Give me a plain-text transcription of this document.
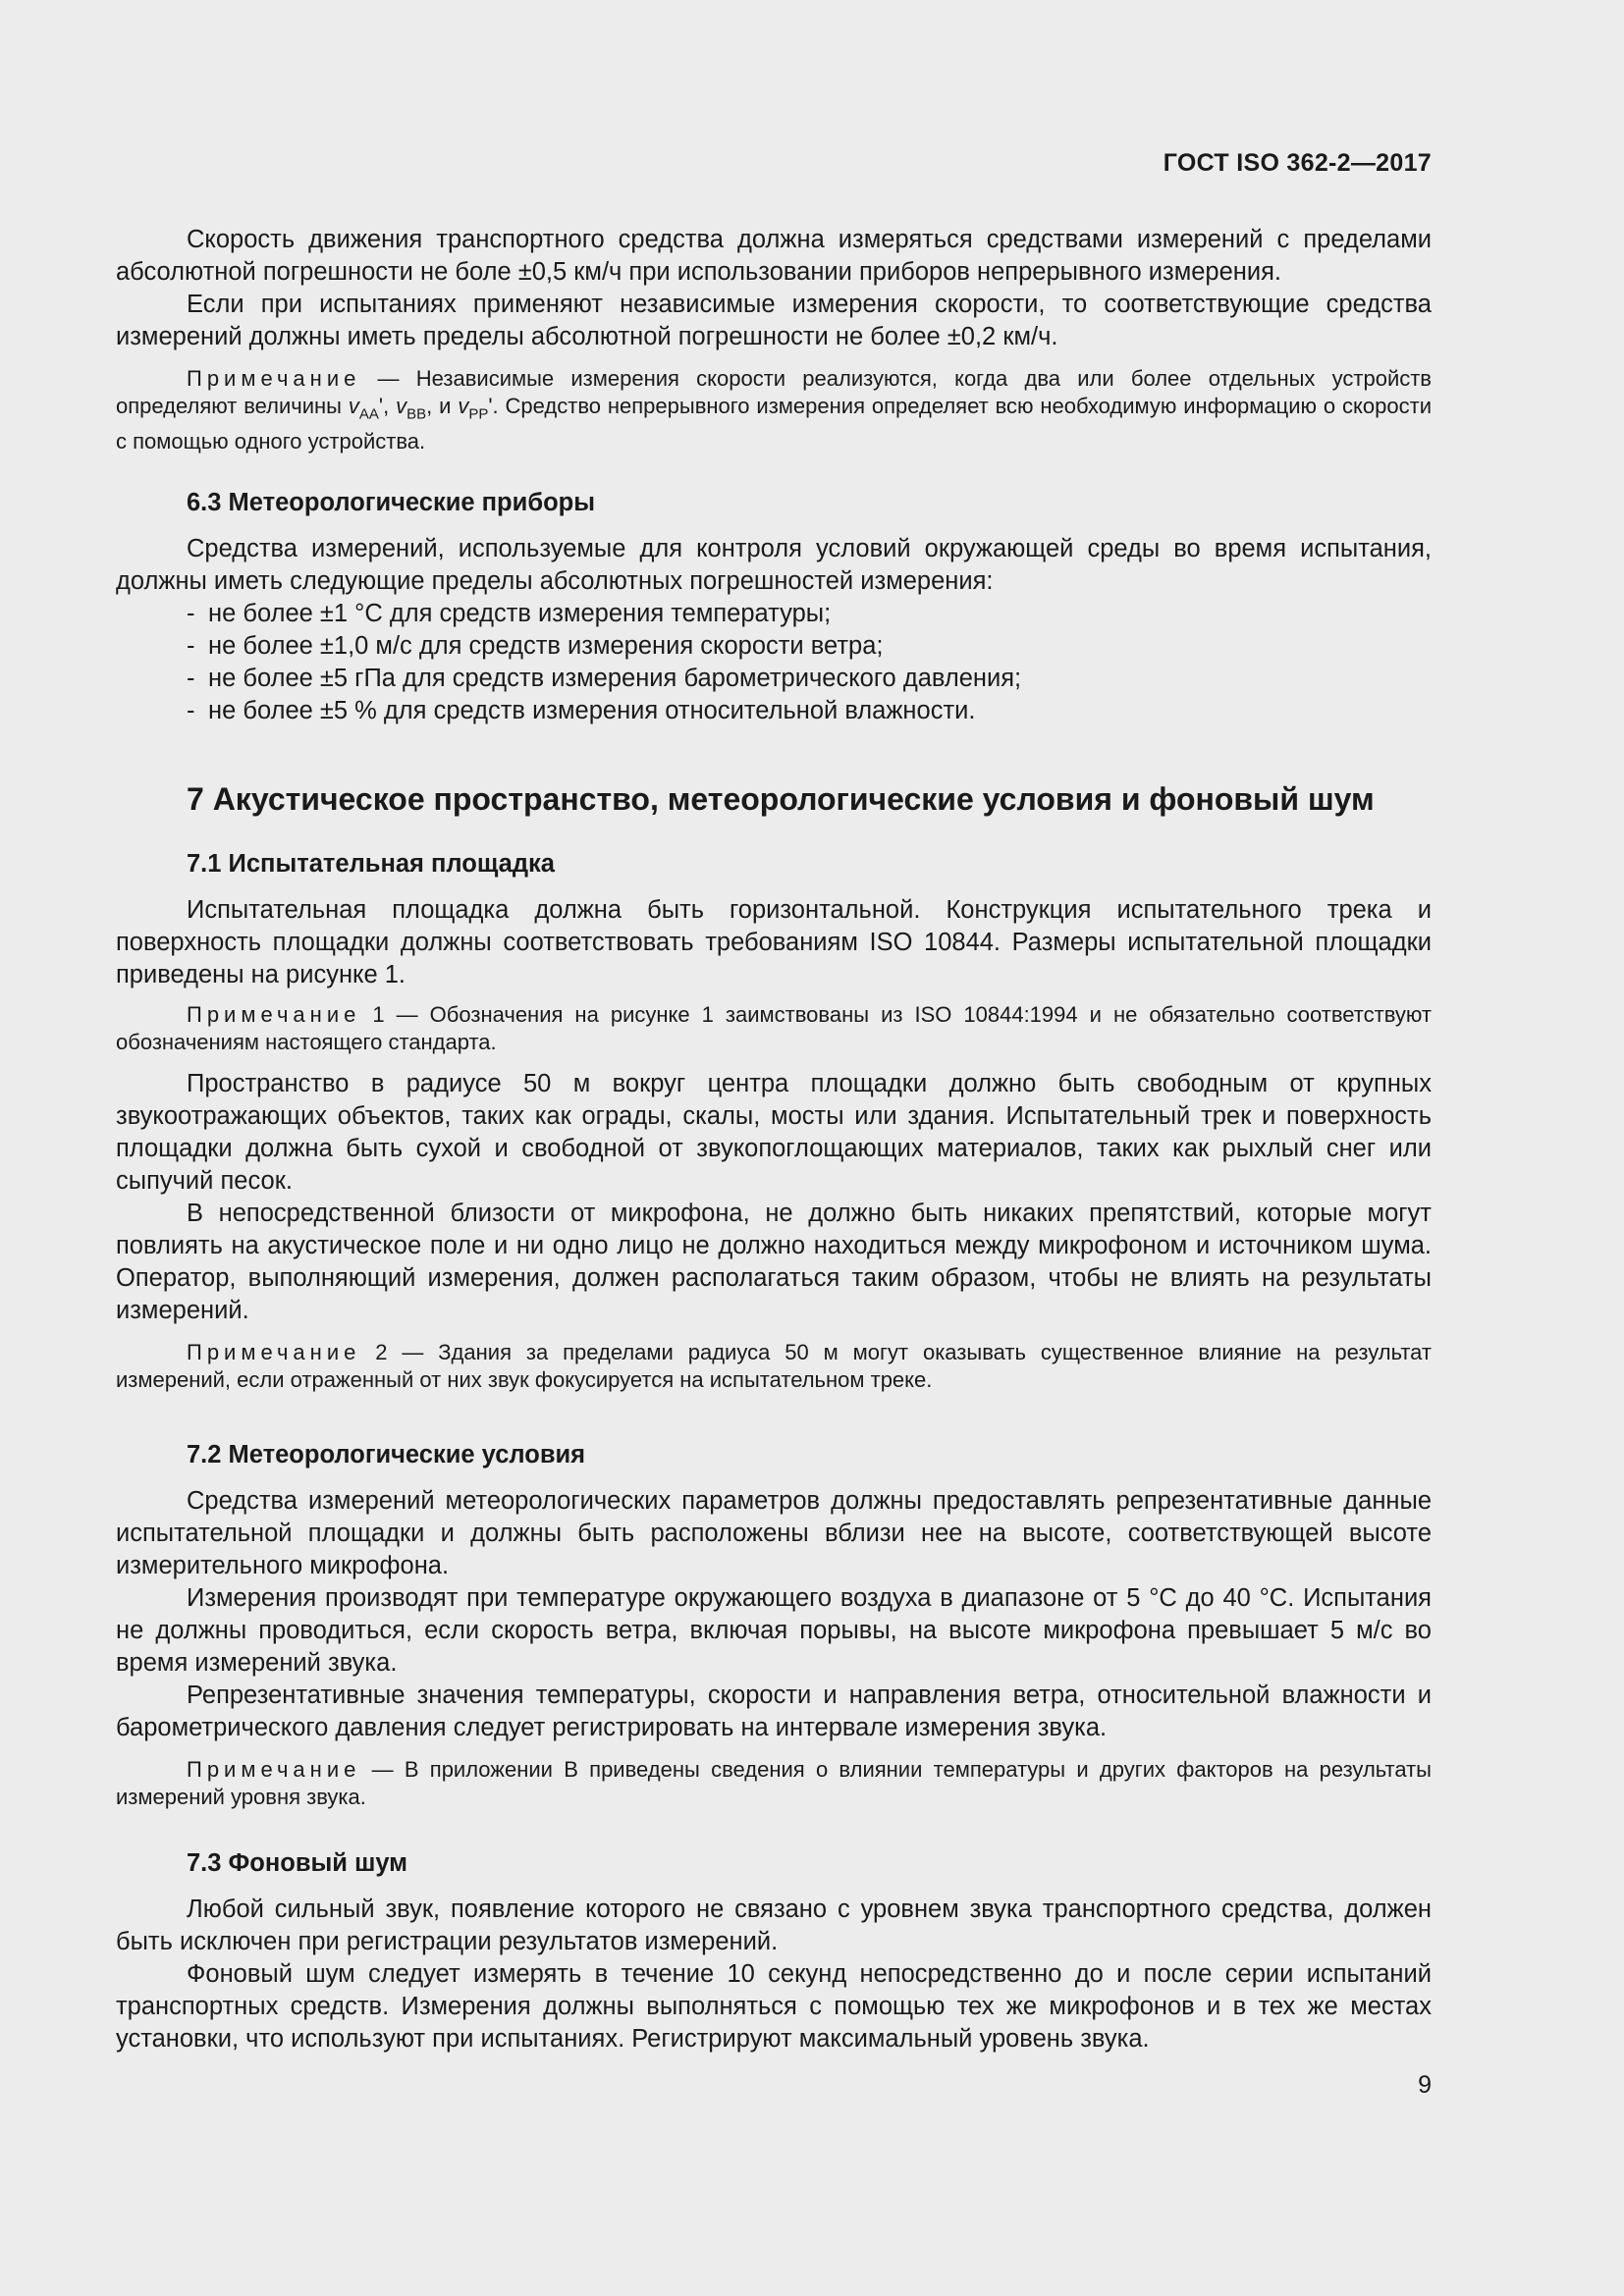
ГОСТ ISO 362-2—2017

Скорость движения транспортного средства должна измеряться средствами измерений с пределами абсолютной погрешности не боле ±0,5 км/ч при использовании приборов непрерывного измерения.

Если при испытаниях применяют независимые измерения скорости, то соответствующие средства измерений должны иметь пределы абсолютной погрешности не более ±0,2 км/ч.

Примечание — Независимые измерения скорости реализуются, когда два или более отдельных устройств определяют величины $v_{AA}'$, $v_{BB}$, и $v_{PP}'$. Средство непрерывного измерения определяет всю необходимую информацию о скорости с помощью одного устройства.

6.3 Метеорологические приборы

Средства измерений, используемые для контроля условий окружающей среды во время испытания, должны иметь следующие пределы абсолютных погрешностей измерения:

- не более ±1 °С для средств измерения температуры;
- не более ±1,0 м/с для средств измерения скорости ветра;
- не более ±5 гПа для средств измерения барометрического давления;
- не более ±5 % для средств измерения относительной влажности.
7 Акустическое пространство, метеорологические условия и фоновый шум
7.1 Испытательная площадка

Испытательная площадка должна быть горизонтальной. Конструкция испытательного трека и поверхность площадки должны соответствовать требованиям ISO 10844. Размеры испытательной площадки приведены на рисунке 1.

Примечание 1 — Обозначения на рисунке 1 заимствованы из ISO 10844:1994 и не обязательно соответствуют обозначениям настоящего стандарта.

Пространство в радиусе 50 м вокруг центра площадки должно быть свободным от крупных звукоотражающих объектов, таких как ограды, скалы, мосты или здания. Испытательный трек и поверхность площадки должна быть сухой и свободной от звукопоглощающих материалов, таких как рыхлый снег или сыпучий песок.

В непосредственной близости от микрофона, не должно быть никаких препятствий, которые могут повлиять на акустическое поле и ни одно лицо не должно находиться между микрофоном и источником шума. Оператор, выполняющий измерения, должен располагаться таким образом, чтобы не влиять на результаты измерений.

Примечание 2 — Здания за пределами радиуса 50 м могут оказывать существенное влияние на результат измерений, если отраженный от них звук фокусируется на испытательном треке.

7.2 Метеорологические условия

Средства измерений метеорологических параметров должны предоставлять репрезентативные данные испытательной площадки и должны быть расположены вблизи нее на высоте, соответствующей высоте измерительного микрофона.

Измерения производят при температуре окружающего воздуха в диапазоне от 5 °С до 40 °С. Испытания не должны проводиться, если скорость ветра, включая порывы, на высоте микрофона превышает 5 м/с во время измерений звука.

Репрезентативные значения температуры, скорости и направления ветра, относительной влажности и барометрического давления следует регистрировать на интервале измерения звука.

Примечание — В приложении В приведены сведения о влиянии температуры и других факторов на результаты измерений уровня звука.

7.3 Фоновый шум

Любой сильный звук, появление которого не связано с уровнем звука транспортного средства, должен быть исключен при регистрации результатов измерений.

Фоновый шум следует измерять в течение 10 секунд непосредственно до и после серии испытаний транспортных средств. Измерения должны выполняться с помощью тех же микрофонов и в тех же местах установки, что используют при испытаниях. Регистрируют максимальный уровень звука.

9
